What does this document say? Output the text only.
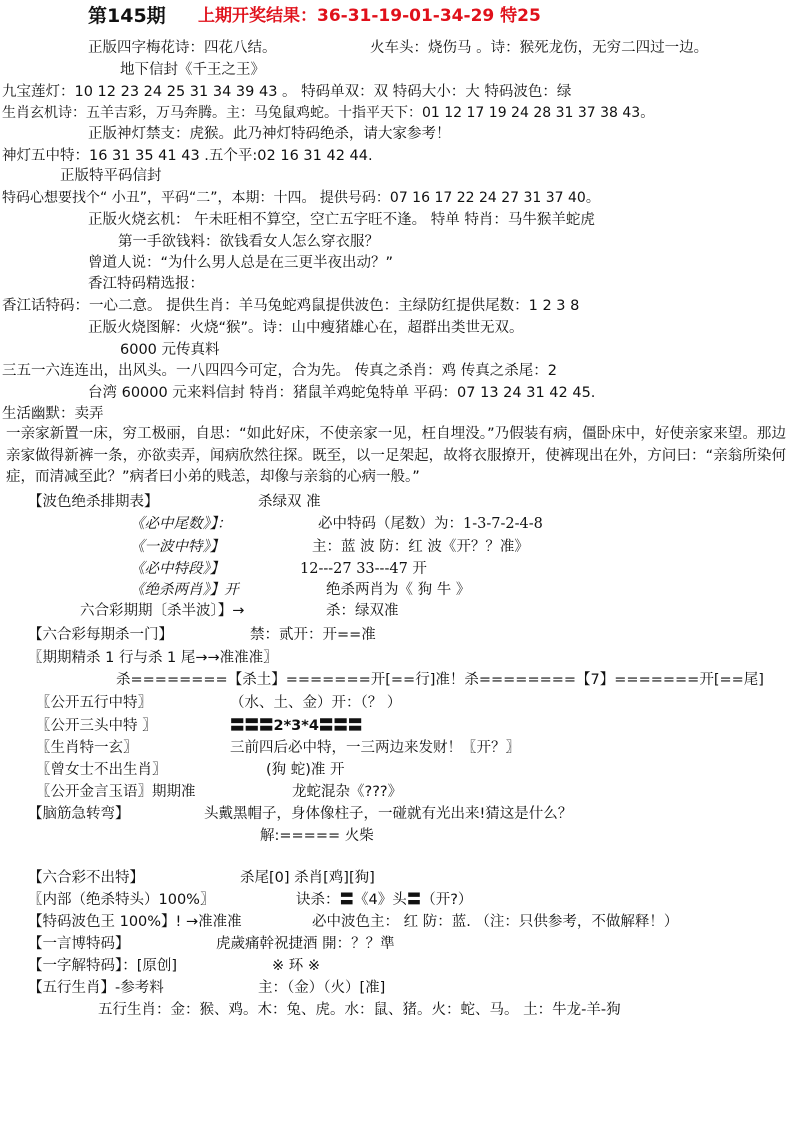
第145期 上期开奖结果：36-31-19-01-34-29 特25
正版四字梅花诗：四花八结。	火车头：烧伤马 。诗：猴死龙伤，无穷二四过一边。
地下信封《千王之王》
九宝莲灯：10 12 23 24 25 31 34 39 43 。 特码单双：双 特码大小：大 特码波色：绿
生肖玄机诗：五羊吉彩，万马奔腾。主：马兔鼠鸡蛇。十指平天下：01 12 17 19 24 28 31 37 38 43。
正版神灯禁支：虎猴。此乃神灯特码绝杀，请大家参考！
神灯五中特：16 31 35 41 43 .五个平:02 16 31 42 44.
正版特平码信封
特码心想要找个“ 小丑”，平码“二”，本期：十四。 提供号码：07 16 17 22 24 27 31 37 40。
正版火烧玄机： 午未旺相不算空，空亡五字旺不逢。 特单 特肖：马牛猴羊蛇虎
第一手欲钱料：欲钱看女人怎么穿衣服？
曾道人说：“为什么男人总是在三更半夜出动？”
香江特码精选报：
香江话特码：一心二意。 提供生肖：羊马兔蛇鸡鼠提供波色：主绿防红提供尾数：1 2 3 8
正版火烧图解：火烧“猴”。诗：山中瘦猪雄心在，超群出类世无双。
6000 元传真料
三五一六连连出，出风头。一八四四今可定，合为先。 传真之杀肖：鸡 传真之杀尾：2
台湾 60000 元来料信封 特肖：猪鼠羊鸡蛇兔特单 平码：07 13 24 31 42 45.
生活幽默：卖弄
一亲家新置一床，穷工极丽，自思：“如此好床，不使亲家一见，枉自埋没。”乃假装有病，僵卧床中，好使亲家来望。那边亲家做得新裤一条，亦欲卖弄，闻病欣然往探。既至，以一足架起，故将衣服撩开，使裤现出在外，方问曰：“亲翁所染何症，而清减至此？”病者曰小弟的贱恙，却像与亲翁的心病一般。”
【波色绝杀排期表】	杀绿双 准
《必中尾数》】：	必中特码（尾数）为：1-3-7-2-4-8
《一波中特》】	主：蓝 波 防：红 波《开？？准》
《必中特段》】	12---27 33---47 开
《绝杀两肖》】开	绝杀两肖为《 狗 牛 》
六合彩期期〔杀半波〕】→	杀：绿双准
【六合彩每期杀一门】	禁：贰开：开==准
〖期期精杀 1 行与杀 1 尾→→准准准〗
杀========【杀土】=======开[==行]准！杀========【7】=======开[==尾]
〖公开五行中特〗	（水、土、金）开：（？ ）
〖公开三头中特 〗	〓〓〓2*3*4〓〓〓
〖生肖特一玄〗	三前四后必中特，一三两边来发财！〖开？〗
〖曾女士不出生肖〗	(狗 蛇)准 开
〖公开金言玉语〗期期准	龙蛇混杂《???》
【脑筋急转弯】	头戴黑帽子，身体像柱子，一碰就有光出来!猜这是什么？
解:===== 火柴
【六合彩不出特】	杀尾[0] 杀肖[鸡][狗]
〖内部（绝杀特头）100%〗	诀杀：〓《4》头〓（开?）
【特码波色王 100%】! →准准准	必中波色主： 红 防：蓝. （注：只供参考，不做解释！）
【一言博特码】	虎歲痛幹祝捷酒 開：？？準
【一字解特码】：[原创]	※ 环 ※
【五行生肖】-参考料	主：（金）（火）[准]
五行生肖：金：猴、鸡。木：兔、虎。水：鼠、猪。火：蛇、马。 土：牛龙-羊-狗
